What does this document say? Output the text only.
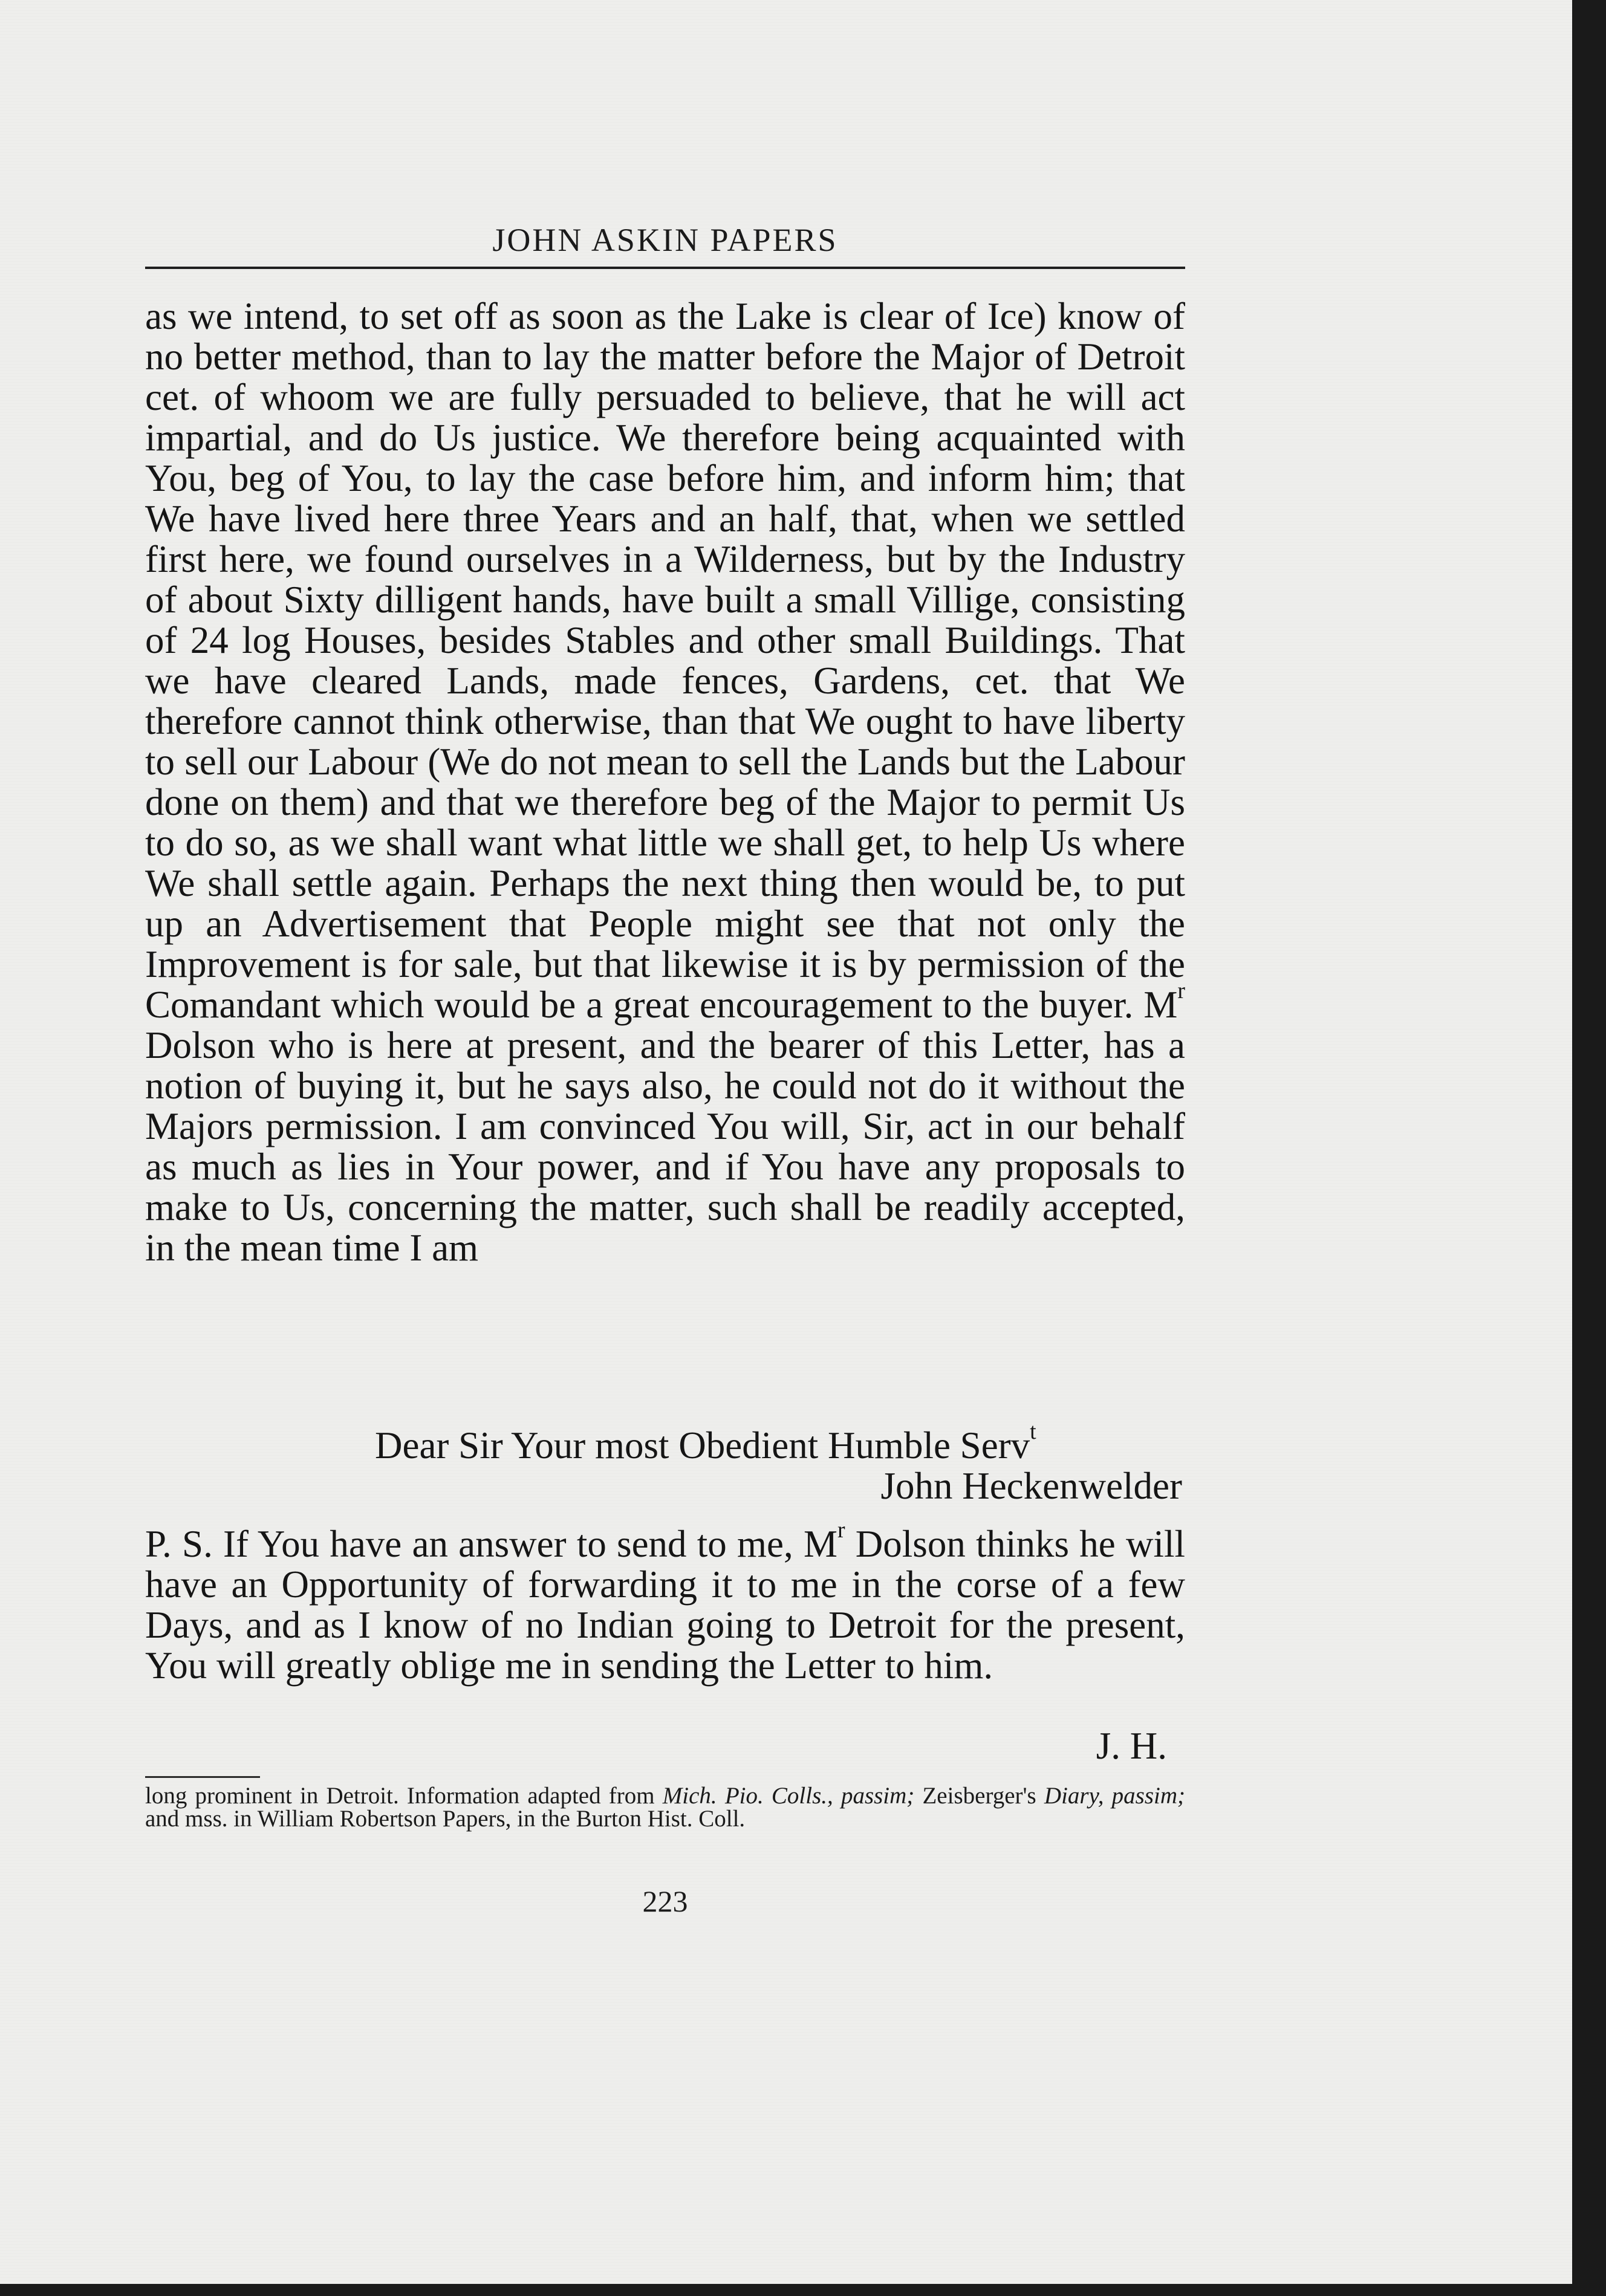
JOHN ASKIN PAPERS

as we intend, to set off as soon as the Lake is clear of Ice) know of no better method, than to lay the matter before the Major of Detroit cet. of whoom we are fully persuaded to believe, that he will act impartial, and do Us justice. We therefore being acquainted with You, beg of You, to lay the case before him, and inform him; that We have lived here three Years and an half, that, when we settled first here, we found ourselves in a Wilderness, but by the Industry of about Sixty dilligent hands, have built a small Villige, consisting of 24 log Houses, besides Stables and other small Buildings. That we have cleared Lands, made fences, Gardens, cet. that We therefore cannot think otherwise, than that We ought to have liberty to sell our Labour (We do not mean to sell the Lands but the Labour done on them) and that we therefore beg of the Major to permit Us to do so, as we shall want what little we shall get, to help Us where We shall settle again. Perhaps the next thing then would be, to put up an Advertisement that People might see that not only the Improvement is for sale, but that likewise it is by permission of the Comandant which would be a great encouragement to the buyer. $M^r$ Dolson who is here at present, and the bearer of this Letter, has a notion of buying it, but he says also, he could not do it without the Majors permission. I am convinced You will, Sir, act in our behalf as much as lies in Your power, and if You have any proposals to make to Us, concerning the matter, such shall be readily accepted, in the mean time I am

Dear Sir Your most Obedient Humble Serv$^t$
John Heckenwelder
P. S. If You have an answer to send to me, $M^r$ Dolson thinks he will have an Opportunity of forwarding it to me in the corse of a few Days, and as I know of no Indian going to Detroit for the present, You will greatly oblige me in sending the Letter to him.
J. H.
long prominent in Detroit. Information adapted from Mich. Pio. Colls., passim; Zeisberger's Diary, passim; and mss. in William Robertson Papers, in the Burton Hist. Coll.
223
